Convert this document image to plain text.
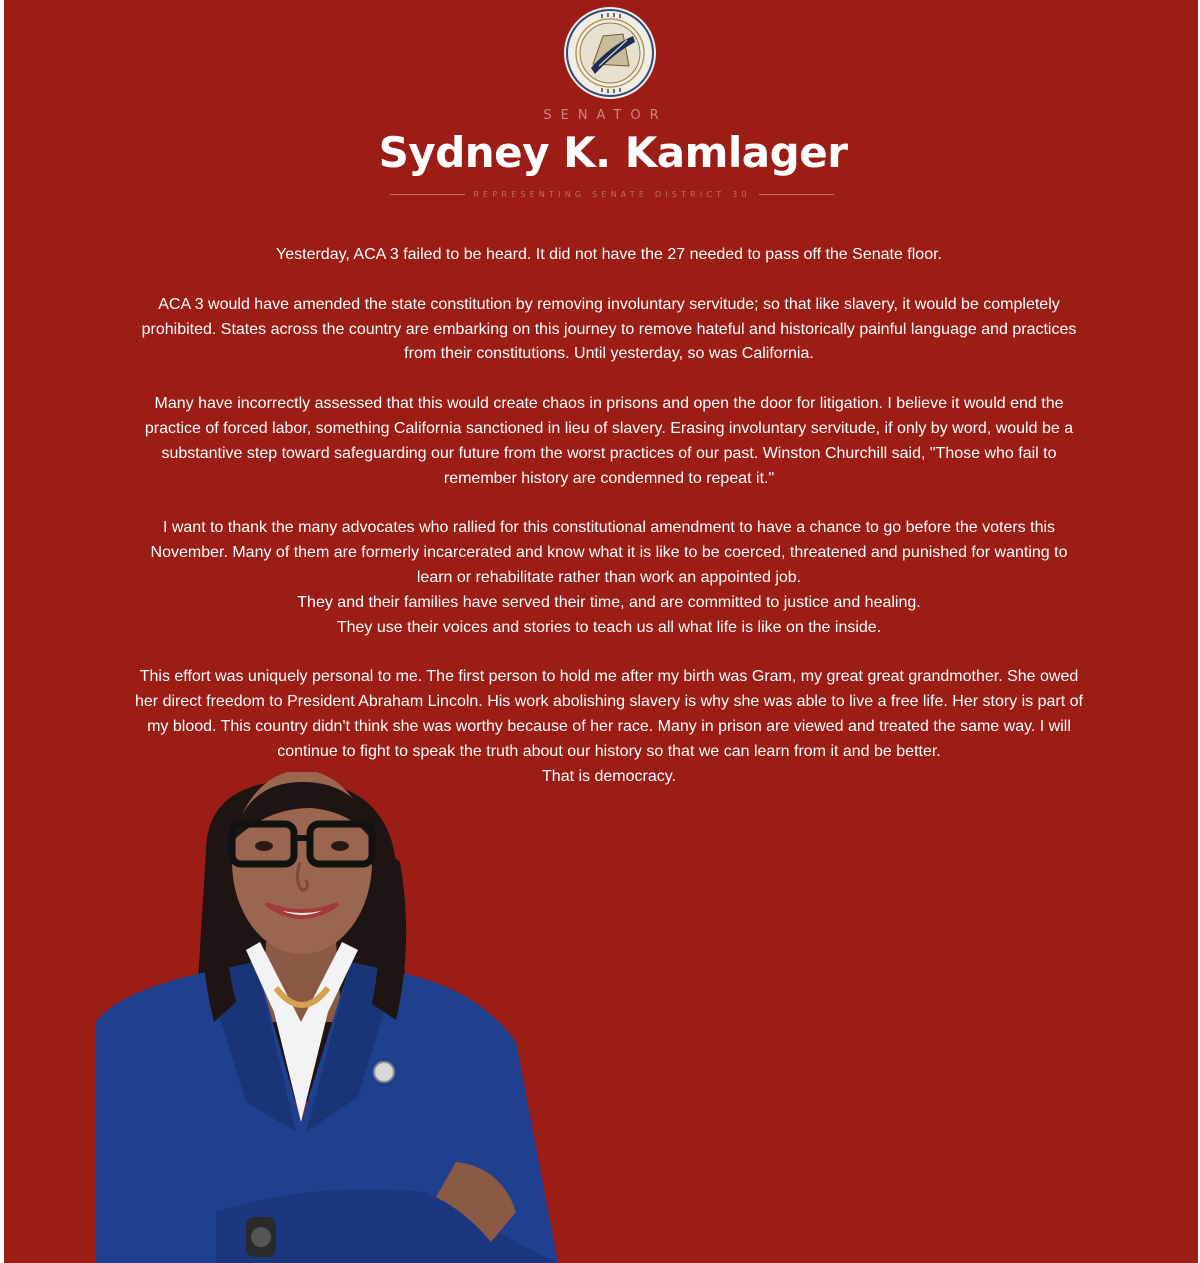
SENATOR
Sydney K. Kamlager
REPRESENTING SENATE DISTRICT 30

Yesterday, ACA 3 failed to be heard. It did not have the 27 needed to pass off the Senate floor.

ACA 3 would have amended the state constitution by removing involuntary servitude; so that like slavery, it would be completely prohibited. States across the country are embarking on this journey to remove hateful and historically painful language and practices from their constitutions. Until yesterday, so was California.

Many have incorrectly assessed that this would create chaos in prisons and open the door for litigation. I believe it would end the practice of forced labor, something California sanctioned in lieu of slavery. Erasing involuntary servitude, if only by word, would be a substantive step toward safeguarding our future from the worst practices of our past. Winston Churchill said, "Those who fail to remember history are condemned to repeat it."

I want to thank the many advocates who rallied for this constitutional amendment to have a chance to go before the voters this November. Many of them are formerly incarcerated and know what it is like to be coerced, threatened and punished for wanting to learn or rehabilitate rather than work an appointed job.

They and their families have served their time, and are committed to justice and healing.

They use their voices and stories to teach us all what life is like on the inside.

This effort was uniquely personal to me. The first person to hold me after my birth was Gram, my great great grandmother. She owed her direct freedom to President Abraham Lincoln. His work abolishing slavery is why she was able to live a free life. Her story is part of my blood. This country didn't think she was worthy because of her race. Many in prison are viewed and treated the same way. I will continue to fight to speak the truth about our history so that we can learn from it and be better.

That is democracy.
